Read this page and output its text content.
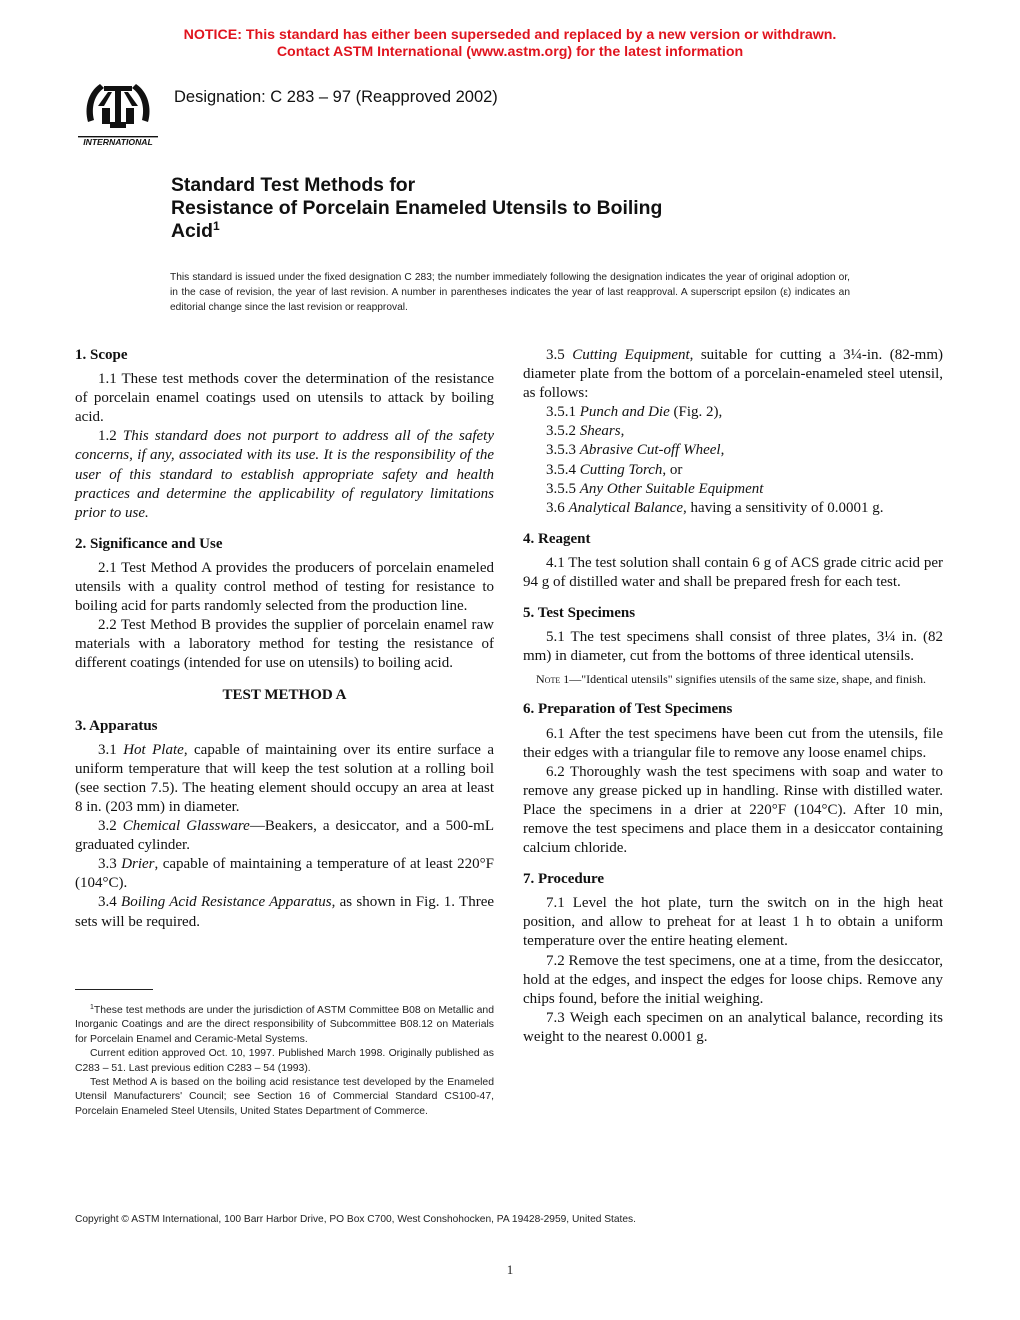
NOTICE: This standard has either been superseded and replaced by a new version or withdrawn.
Contact ASTM International (www.astm.org) for the latest information
INTERNATIONAL
Designation: C 283 – 97 (Reapproved 2002)
Standard Test Methods for
Resistance of Porcelain Enameled Utensils to Boiling
Acid$^1$
This standard is issued under the fixed designation C 283; the number immediately following the designation indicates the year of original adoption or, in the case of revision, the year of last revision. A number in parentheses indicates the year of last reapproval. A superscript epsilon (ε) indicates an editorial change since the last revision or reapproval.
1. Scope

1.1 These test methods cover the determination of the resistance of porcelain enamel coatings used on utensils to attack by boiling acid.

1.2 This standard does not purport to address all of the safety concerns, if any, associated with its use. It is the responsibility of the user of this standard to establish appropriate safety and health practices and determine the applicability of regulatory limitations prior to use.

2. Significance and Use

2.1 Test Method A provides the producers of porcelain enameled utensils with a quality control method of testing for resistance to boiling acid for parts randomly selected from the production line.

2.2 Test Method B provides the supplier of porcelain enamel raw materials with a laboratory method for testing the resistance of different coatings (intended for use on utensils) to boiling acid.

TEST METHOD A

3. Apparatus

3.1 Hot Plate, capable of maintaining over its entire surface a uniform temperature that will keep the test solution at a rolling boil (see section 7.5). The heating element should occupy an area at least 8 in. (203 mm) in diameter.

3.2 Chemical Glassware—Beakers, a desiccator, and a 500-mL graduated cylinder.

3.3 Drier, capable of maintaining a temperature of at least 220°F (104°C).

3.4 Boiling Acid Resistance Apparatus, as shown in Fig. 1. Three sets will be required.

$^1$These test methods are under the jurisdiction of ASTM Committee B08 on Metallic and Inorganic Coatings and are the direct responsibility of Subcommittee B08.12 on Materials for Porcelain Enamel and Ceramic-Metal Systems.

Current edition approved Oct. 10, 1997. Published March 1998. Originally published as C283 – 51. Last previous edition C283 – 54 (1993).

Test Method A is based on the boiling acid resistance test developed by the Enameled Utensil Manufacturers' Council; see Section 16 of Commercial Standard CS100-47, Porcelain Enameled Steel Utensils, United States Department of Commerce.

3.5 Cutting Equipment, suitable for cutting a 3¼-in. (82-mm) diameter plate from the bottom of a porcelain-enameled steel utensil, as follows:

3.5.1 Punch and Die (Fig. 2),

3.5.2 Shears,

3.5.3 Abrasive Cut-off Wheel,

3.5.4 Cutting Torch, or

3.5.5 Any Other Suitable Equipment

3.6 Analytical Balance, having a sensitivity of 0.0001 g.

4. Reagent

4.1 The test solution shall contain 6 g of ACS grade citric acid per 94 g of distilled water and shall be prepared fresh for each test.

5. Test Specimens

5.1 The test specimens shall consist of three plates, 3¼ in. (82 mm) in diameter, cut from the bottoms of three identical utensils.

Note 1—"Identical utensils" signifies utensils of the same size, shape, and finish.

6. Preparation of Test Specimens

6.1 After the test specimens have been cut from the utensils, file their edges with a triangular file to remove any loose enamel chips.

6.2 Thoroughly wash the test specimens with soap and water to remove any grease picked up in handling. Rinse with distilled water. Place the specimens in a drier at 220°F (104°C). After 10 min, remove the test specimens and place them in a desiccator containing calcium chloride.

7. Procedure

7.1 Level the hot plate, turn the switch on in the high heat position, and allow to preheat for at least 1 h to obtain a uniform temperature over the entire heating element.

7.2 Remove the test specimens, one at a time, from the desiccator, hold at the edges, and inspect the edges for loose chips. Remove any chips found, before the initial weighing.

7.3 Weigh each specimen on an analytical balance, recording its weight to the nearest 0.0001 g.

Copyright © ASTM International, 100 Barr Harbor Drive, PO Box C700, West Conshohocken, PA 19428-2959, United States.
1
